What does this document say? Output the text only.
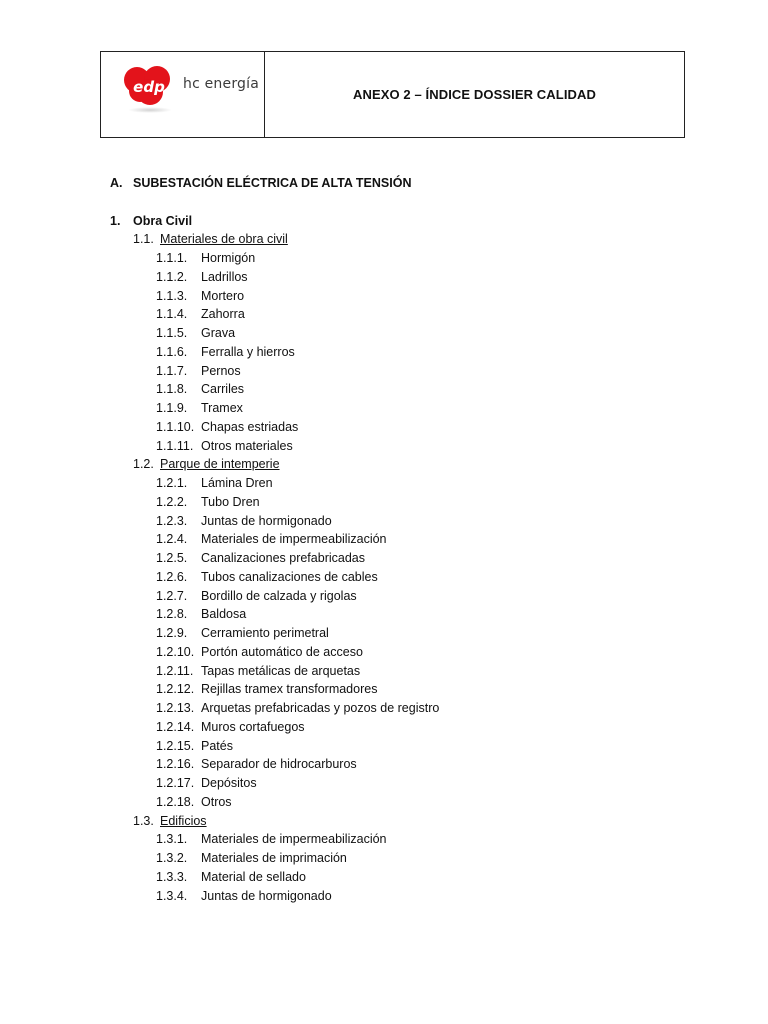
edp hc energía
ANEXO 2 – ÍNDICE DOSSIER CALIDAD
A. SUBESTACIÓN ELÉCTRICA DE ALTA TENSIÓN
1.	Obra Civil
1.1. Materiales de obra civil
1.1.1.	Hormigón
1.1.2.	Ladrillos
1.1.3.	Mortero
1.1.4.	Zahorra
1.1.5.	Grava
1.1.6.	Ferralla y hierros
1.1.7.	Pernos
1.1.8.	Carriles
1.1.9.	Tramex
1.1.10. Chapas estriadas
1.1.11. Otros materiales
1.2. Parque de intemperie
1.2.1.	Lámina Dren
1.2.2.	Tubo Dren
1.2.3.	Juntas de hormigonado
1.2.4.	Materiales de impermeabilización
1.2.5.	Canalizaciones prefabricadas
1.2.6.	Tubos canalizaciones de cables
1.2.7.	Bordillo de calzada y rigolas
1.2.8.	Baldosa
1.2.9.	Cerramiento perimetral
1.2.10. Portón automático de acceso
1.2.11. Tapas metálicas de arquetas
1.2.12. Rejillas tramex transformadores
1.2.13. Arquetas prefabricadas y pozos de registro
1.2.14. Muros cortafuegos
1.2.15. Patés
1.2.16. Separador de hidrocarburos
1.2.17. Depósitos
1.2.18. Otros
1.3. Edificios
1.3.1.	Materiales de impermeabilización
1.3.2.	Materiales de imprimación
1.3.3.	Material de sellado
1.3.4.	Juntas de hormigonado
